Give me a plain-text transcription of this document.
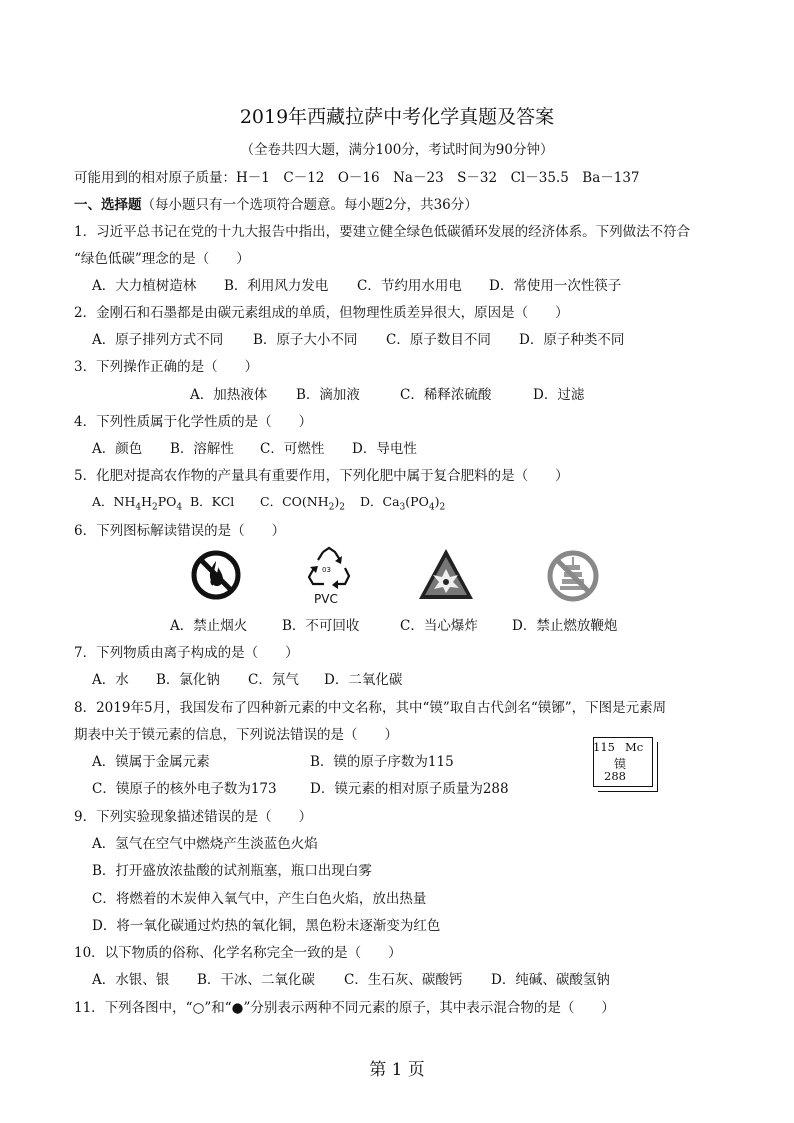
2019年西藏拉萨中考化学真题及答案
（全卷共四大题，满分100分，考试时间为90分钟）
可能用到的相对原子质量：H－1　C－12　O－16　Na－23　S－32　Cl－35.5　Ba－137
一、选择题（每小题只有一个选项符合题意。每小题2分，共36分）
1．习近平总书记在党的十九大报告中指出，要建立健全绿色低碳循环发展的经济体系。下列做法不符合
“绿色低碳”理念的是（　　）
A．大力植树造林 B．利用风力发电 C．节约用水用电 D．常使用一次性筷子
2．金刚石和石墨都是由碳元素组成的单质，但物理性质差异很大，原因是（　　）
A．原子排列方式不同 B．原子大小不同 C．原子数目不同 D．原子种类不同
3．下列操作正确的是（　　）
A．加热液体 B．滴加液	C．稀释浓硫酸	D．过滤
4．下列性质属于化学性质的是（　　）
A．颜色 B．溶解性 C．可燃性 D．导电性
5．化肥对提高农作物的产量具有重要作用，下列化肥中属于复合肥料的是（　　）
A．$NH_4H_2PO_4$ B．KCl C．$CO(NH_2)_2$ D．$Ca_3(PO_4)_2$
6．下列图标解读错误的是（　　）
03
PVC
A．禁止烟火	B．不可回收	C．当心爆炸	D．禁止燃放鞭炮
7．下列物质由离子构成的是（　　）
A．水 B．氯化钠 C．氖气 D．二氧化碳
8．2019年5月，我国发布了四种新元素的中文名称，其中“镆”取自古代剑名“镆铘”，下图是元素周
期表中关于镆元素的信息，下列说法错误的是（　　）
A．镆属于金属元素	B．镆的原子序数为115
C．镆原子的核外电子数为173 D．镆元素的相对原子质量为288
115 Mc
镆
288
9．下列实验现象描述错误的是（　　）
A．氢气在空气中燃烧产生淡蓝色火焰
B．打开盛放浓盐酸的试剂瓶塞，瓶口出现白雾
C．将燃着的木炭伸入氧气中，产生白色火焰，放出热量
D．将一氧化碳通过灼热的氧化铜，黑色粉末逐渐变为红色
10．以下物质的俗称、化学名称完全一致的是（　　）
A．水银、银 B．干冰、二氧化碳 C．生石灰、碳酸钙 D．纯碱、碳酸氢钠
11．下列各图中，“○”和“●”分别表示两种不同元素的原子，其中表示混合物的是（　　）
第 1 页
